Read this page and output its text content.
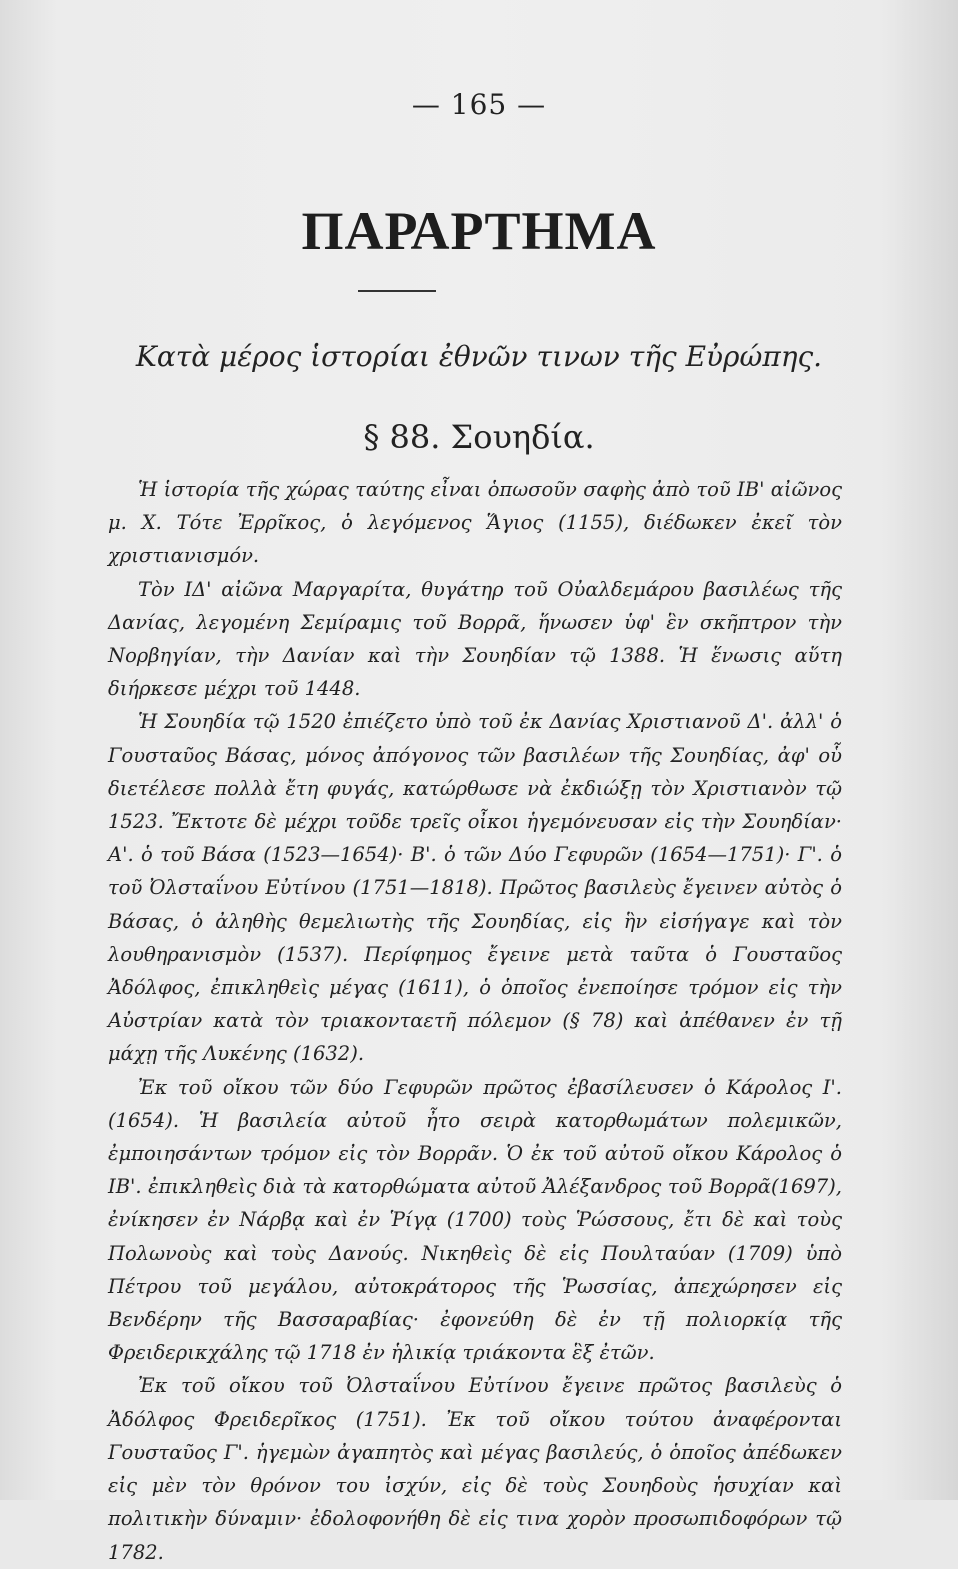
— 165 —
ΠΑΡΑΡΤΗΜΑ
Κατὰ μέρος ἱστορίαι ἐθνῶν τινων τῆς Εὐρώπης.
§ 88. Σουηδία.

Ἡ ἱστορία τῆς χώρας ταύτης εἶναι ὁπωσοῦν σαφὴς ἀπὸ τοῦ ΙΒ' αἰῶνος μ. Χ. Τότε Ἐρρῖκος, ὁ λεγόμενος Ἅγιος (1155), διέδωκεν ἐκεῖ τὸν χριστιανισμόν.

Τὸν ΙΔ' αἰῶνα Μαργαρίτα, θυγάτηρ τοῦ Οὐαλδεμάρου βασιλέως τῆς Δανίας, λεγομένη Σεμίραμις τοῦ Βορρᾶ, ἥνωσεν ὑφ' ἓν σκῆπτρον τὴν Νορβηγίαν, τὴν Δανίαν καὶ τὴν Σουηδίαν τῷ 1388. Ἡ ἕνωσις αὕτη διήρκεσε μέχρι τοῦ 1448.

Ἡ Σουηδία τῷ 1520 ἐπιέζετο ὑπὸ τοῦ ἐκ Δανίας Χριστιανοῦ Δ'. ἀλλ' ὁ Γουσταῦος Βάσας, μόνος ἀπόγονος τῶν βασιλέων τῆς Σουηδίας, ἀφ' οὗ διετέλεσε πολλὰ ἔτη φυγάς, κατώρθωσε νὰ ἐκδιώξῃ τὸν Χριστιανὸν τῷ 1523. Ἔκτοτε δὲ μέχρι τοῦδε τρεῖς οἶκοι ἡγεμόνευσαν εἰς τὴν Σουηδίαν· Α'. ὁ τοῦ Βάσα (1523—1654)· Β'. ὁ τῶν Δύο Γεφυρῶν (1654—1751)· Γ'. ὁ τοῦ Ὀλσταΐνου Εὐτίνου (1751—1818). Πρῶτος βασιλεὺς ἔγεινεν αὐτὸς ὁ Βάσας, ὁ ἀληθὴς θεμελιωτὴς τῆς Σουηδίας, εἰς ἣν εἰσήγαγε καὶ τὸν λουθηρανισμὸν (1537). Περίφημος ἔγεινε μετὰ ταῦτα ὁ Γουσταῦος Ἀδόλφος, ἐπικληθεὶς μέγας (1611), ὁ ὁποῖος ἐνεποίησε τρόμον εἰς τὴν Αὐστρίαν κατὰ τὸν τριακονταετῆ πόλεμον (§ 78) καὶ ἀπέθανεν ἐν τῇ μάχῃ τῆς Λυκένης (1632).

Ἐκ τοῦ οἴκου τῶν δύο Γεφυρῶν πρῶτος ἐβασίλευσεν ὁ Κάρολος Ι'. (1654). Ἡ βασιλεία αὐτοῦ ἦτο σειρὰ κατορθωμάτων πολεμικῶν, ἐμποιησάντων τρόμον εἰς τὸν Βορρᾶν. Ὁ ἐκ τοῦ αὐτοῦ οἴκου Κάρολος ὁ ΙΒ'. ἐπικληθεὶς διὰ τὰ κατορθώματα αὐτοῦ Ἀλέξανδρος τοῦ Βορρᾶ(1697), ἐνίκησεν ἐν Νάρβᾳ καὶ ἐν Ῥίγᾳ (1700) τοὺς Ῥώσσους, ἔτι δὲ καὶ τοὺς Πολωνοὺς καὶ τοὺς Δανούς. Νικηθεὶς δὲ εἰς Πουλταύαν (1709) ὑπὸ Πέτρου τοῦ μεγάλου, αὐτοκράτορος τῆς Ῥωσσίας, ἀπεχώρησεν εἰς Βενδέρην τῆς Βασσαραβίας· ἐφονεύθη δὲ ἐν τῇ πολιορκίᾳ τῆς Φρειδερικχάλης τῷ 1718 ἐν ἡλικίᾳ τριάκοντα ἓξ ἐτῶν.

Ἐκ τοῦ οἴκου τοῦ Ὀλσταΐνου Εὐτίνου ἔγεινε πρῶτος βασιλεὺς ὁ Ἀδόλφος Φρειδερῖκος (1751). Ἐκ τοῦ οἴκου τούτου ἀναφέρονται Γουσταῦος Γ'. ἡγεμὼν ἀγαπητὸς καὶ μέγας βασιλεύς, ὁ ὁποῖος ἀπέδωκεν εἰς μὲν τὸν θρόνον του ἰσχύν, εἰς δὲ τοὺς Σουηδοὺς ἡσυχίαν καὶ πολιτικὴν δύναμιν· ἐδολοφονήθη δὲ εἰς τινα χορὸν προσωπιδοφόρων τῷ 1782.
